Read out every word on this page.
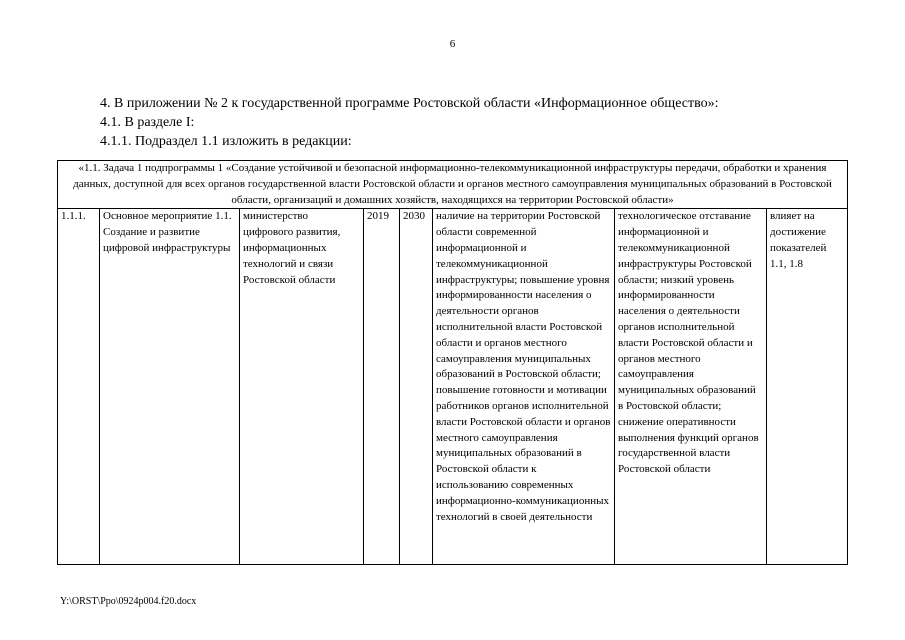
6

4. В приложении № 2 к государственной программе Ростовской области «Информационное общество»:

4.1. В разделе I:

4.1.1. Подраздел 1.1 изложить в редакции:

«1.1. Задача 1 подпрограммы 1 «Создание устойчивой и безопасной информационно-телекоммуникационной инфраструктуры передачи, обработки и хранения данных, доступной для всех органов государственной власти Ростовской области и органов местного самоуправления муниципальных образований в Ростовской области, организаций и домашних хозяйств, находящихся на территории Ростовской области»
1.1.1.	Основное мероприятие 1.1. Создание и развитие цифровой инфраструктуры	министерство цифрового развития, информационных технологий и связи Ростовской области	2019	2030	наличие на территории Ростовской области современной информационной и телекоммуникационной инфраструктуры; повышение уровня информированности населения о деятельности органов исполнительной власти Ростовской области и органов местного самоуправления муниципальных образований в Ростовской области; повышение готовности и мотивации работников органов исполнительной власти Ростовской области и органов местного самоуправления муниципальных образований в Ростовской области к использованию современных информационно-коммуникационных технологий в своей деятельности	технологическое отставание информационной и телекоммуникационной инфраструктуры Ростовской области; низкий уровень информированности населения о деятельности органов исполнительной власти Ростовской области и органов местного самоуправления муниципальных образований в Ростовской области; снижение оперативности выполнения функций органов государственной власти Ростовской области	влияет на достижение показателей 1.1, 1.8
Y:\ORST\Ppo\0924p004.f20.docx
